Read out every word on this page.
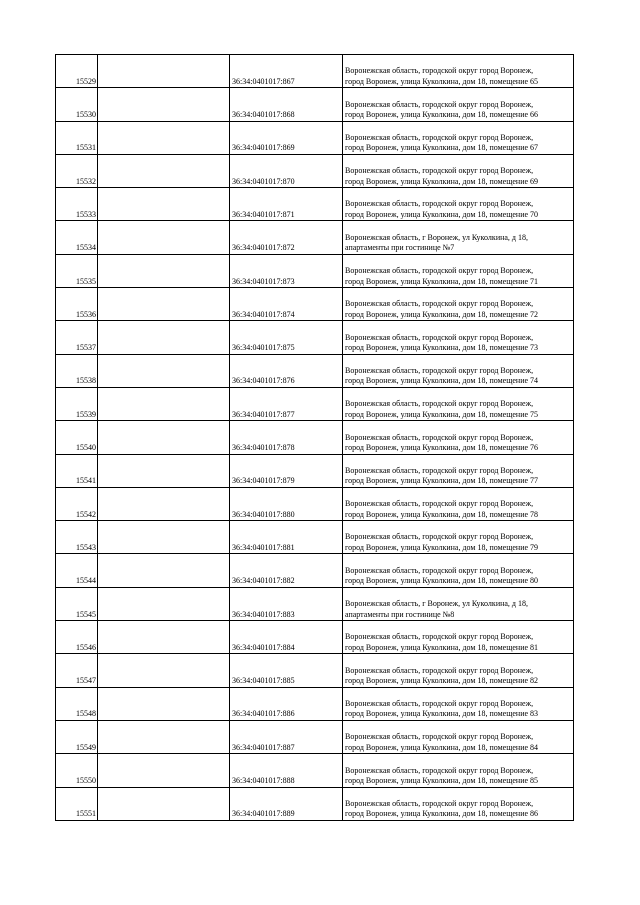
15529		36:34:0401017:867	Воронежская область, городской округ город Воронеж,
город Воронеж, улица Куколкина, дом 18, помещение 65

15530		36:34:0401017:868	Воронежская область, городской округ город Воронеж,
город Воронеж, улица Куколкина, дом 18, помещение 66

15531		36:34:0401017:869	Воронежская область, городской округ город Воронеж,
город Воронеж, улица Куколкина, дом 18, помещение 67

15532		36:34:0401017:870	Воронежская область, городской округ город Воронеж,
город Воронеж, улица Куколкина, дом 18, помещение 69

15533		36:34:0401017:871	Воронежская область, городской округ город Воронеж,
город Воронеж, улица Куколкина, дом 18, помещение 70

15534		36:34:0401017:872	Воронежская область, г Воронеж, ул Куколкина, д 18,
апартаменты при гостинице №7

15535		36:34:0401017:873	Воронежская область, городской округ город Воронеж,
город Воронеж, улица Куколкина, дом 18, помещение 71

15536		36:34:0401017:874	Воронежская область, городской округ город Воронеж,
город Воронеж, улица Куколкина, дом 18, помещение 72

15537		36:34:0401017:875	Воронежская область, городской округ город Воронеж,
город Воронеж, улица Куколкина, дом 18, помещение 73

15538		36:34:0401017:876	Воронежская область, городской округ город Воронеж,
город Воронеж, улица Куколкина, дом 18, помещение 74

15539		36:34:0401017:877	Воронежская область, городской округ город Воронеж,
город Воронеж, улица Куколкина, дом 18, помещение 75

15540		36:34:0401017:878	Воронежская область, городской округ город Воронеж,
город Воронеж, улица Куколкина, дом 18, помещение 76

15541		36:34:0401017:879	Воронежская область, городской округ город Воронеж,
город Воронеж, улица Куколкина, дом 18, помещение 77

15542		36:34:0401017:880	Воронежская область, городской округ город Воронеж,
город Воронеж, улица Куколкина, дом 18, помещение 78

15543		36:34:0401017:881	Воронежская область, городской округ город Воронеж,
город Воронеж, улица Куколкина, дом 18, помещение 79

15544		36:34:0401017:882	Воронежская область, городской округ город Воронеж,
город Воронеж, улица Куколкина, дом 18, помещение 80

15545		36:34:0401017:883	Воронежская область, г Воронеж, ул Куколкина, д 18,
апартаменты при гостинице №8

15546		36:34:0401017:884	Воронежская область, городской округ город Воронеж,
город Воронеж, улица Куколкина, дом 18, помещение 81

15547		36:34:0401017:885	Воронежская область, городской округ город Воронеж,
город Воронеж, улица Куколкина, дом 18, помещение 82

15548		36:34:0401017:886	Воронежская область, городской округ город Воронеж,
город Воронеж, улица Куколкина, дом 18, помещение 83

15549		36:34:0401017:887	Воронежская область, городской округ город Воронеж,
город Воронеж, улица Куколкина, дом 18, помещение 84

15550		36:34:0401017:888	Воронежская область, городской округ город Воронеж,
город Воронеж, улица Куколкина, дом 18, помещение 85

15551		36:34:0401017:889	Воронежская область, городской округ город Воронеж,
город Воронеж, улица Куколкина, дом 18, помещение 86
